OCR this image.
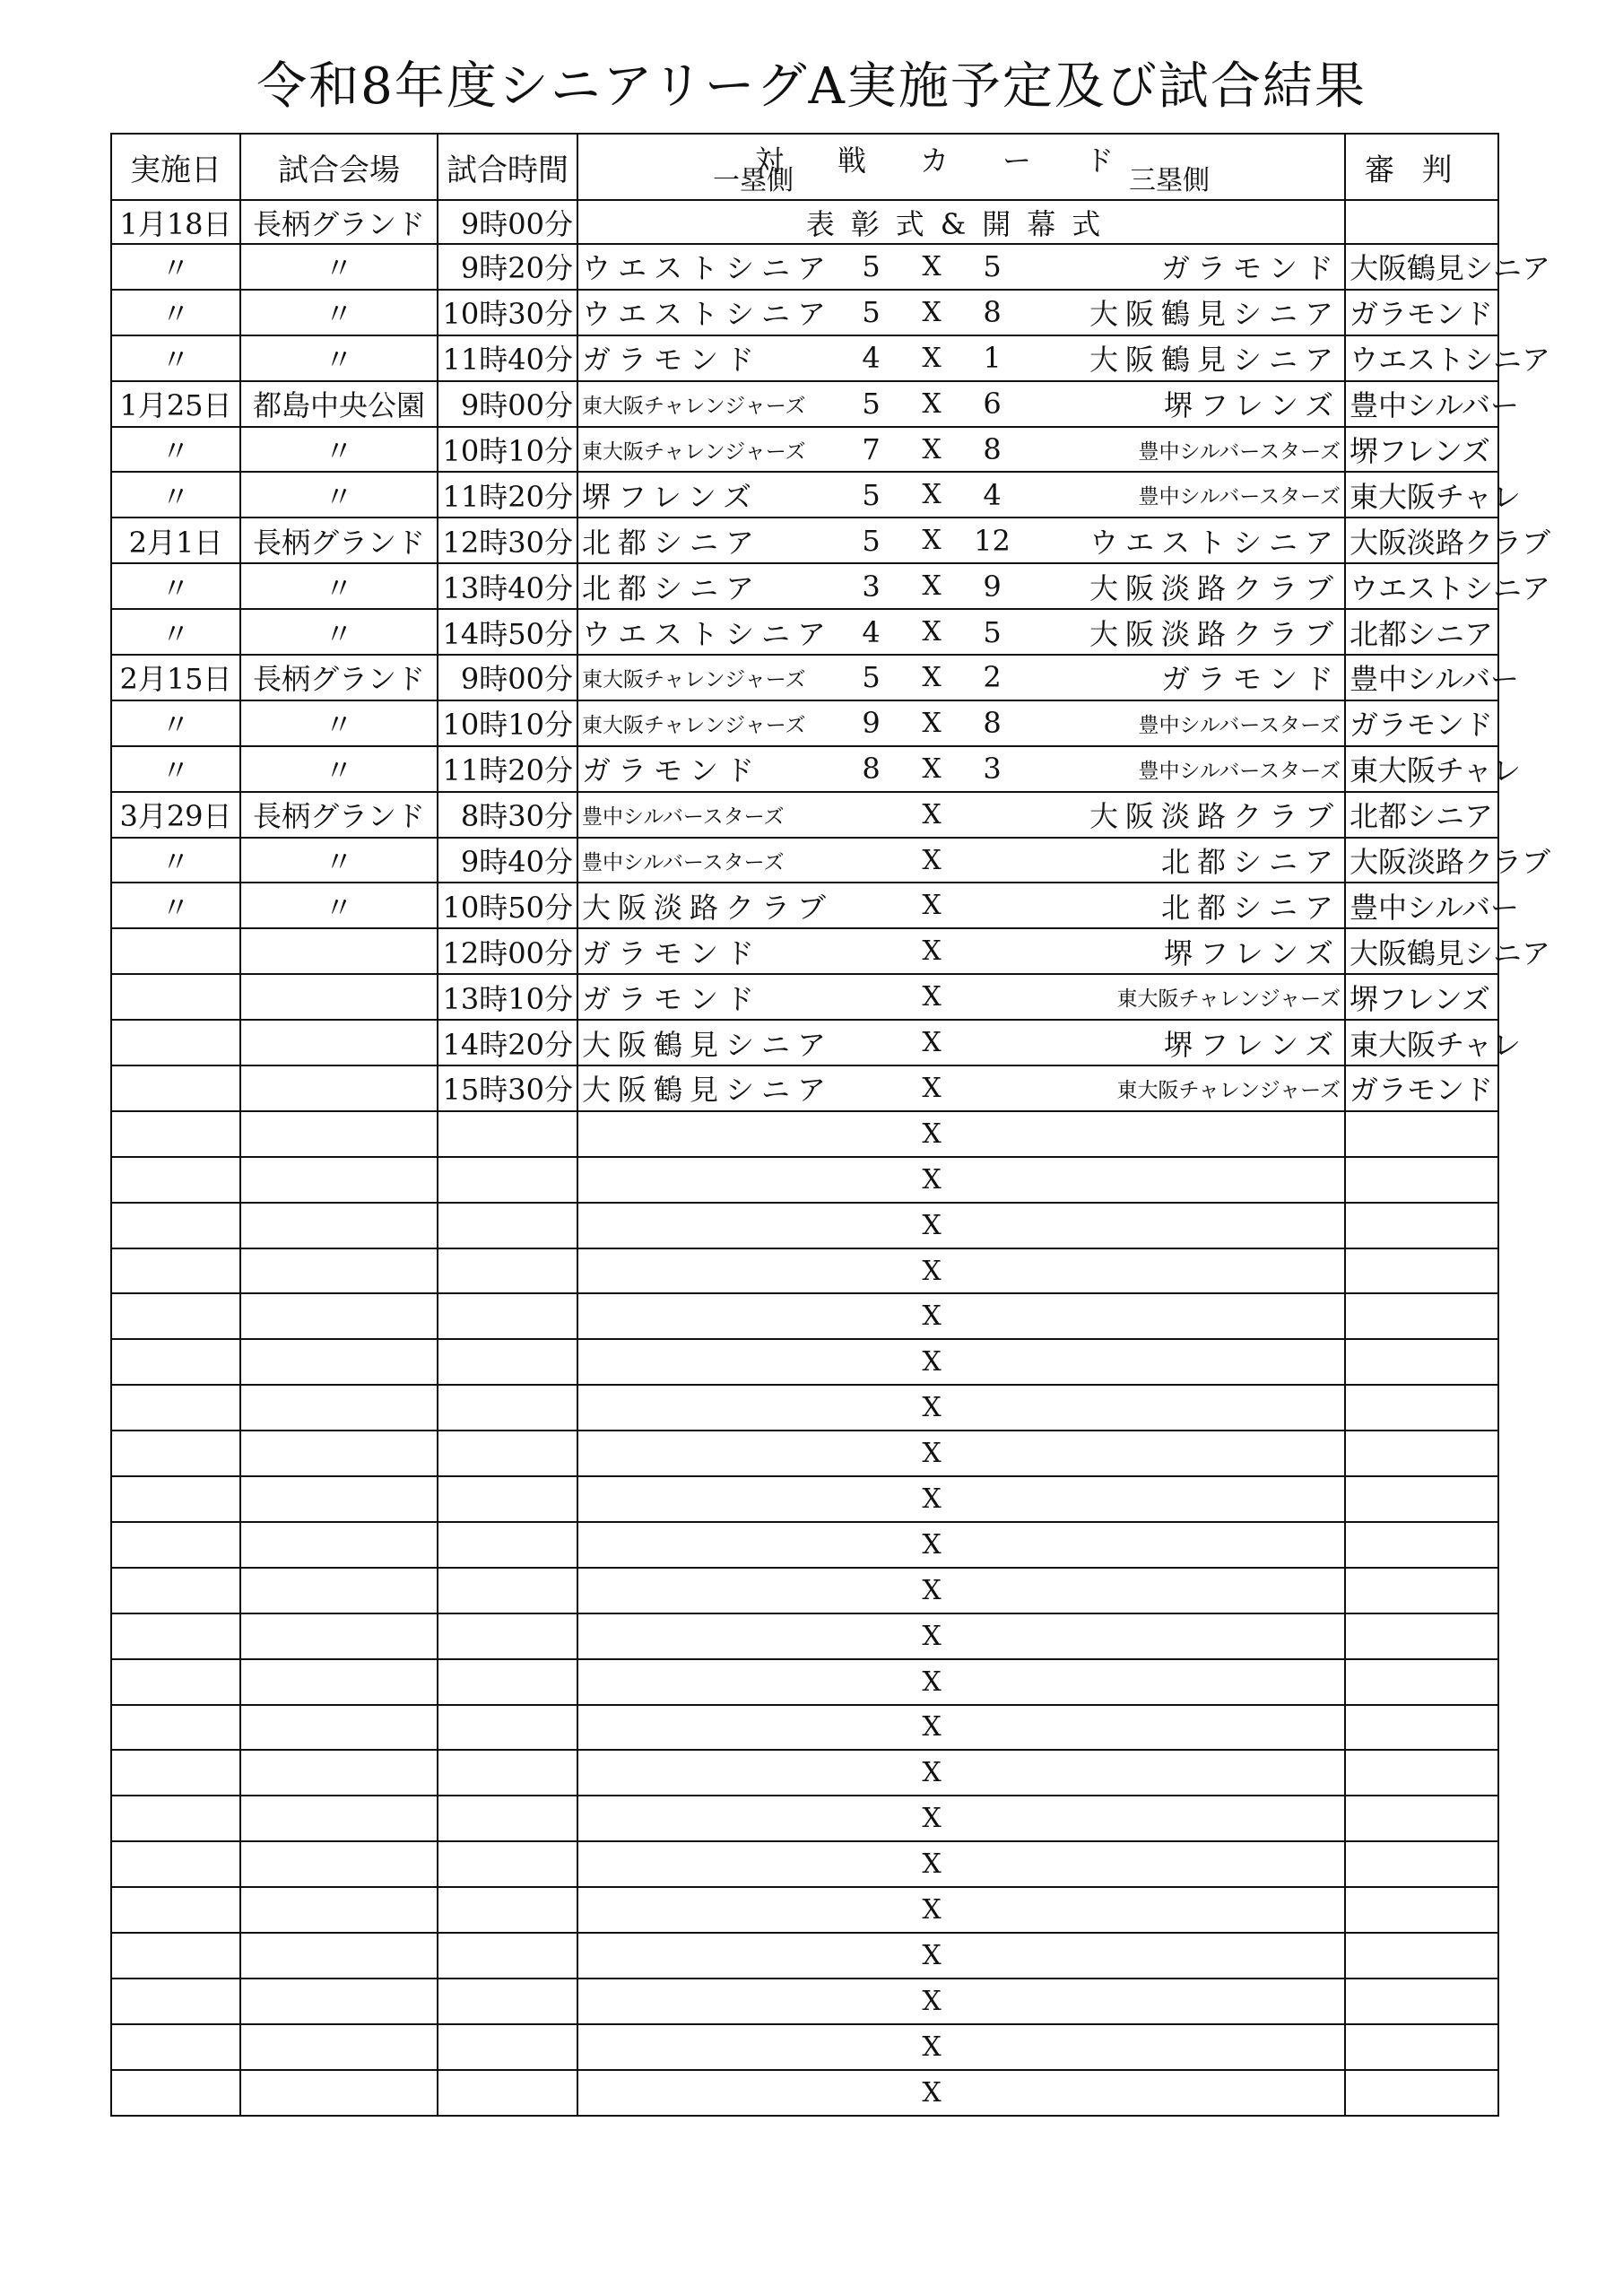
令和8年度シニアリーグA実施予定及び試合結果
実施日	試合会場	試合時間	対戦カード
一塁側 三塁側	審判
1月18日	長柄グランド	9時00分	表彰式&開幕式	
〃	〃	9時20分	ウエストシニア 5 X 5 ガラモンド	大阪鶴見シニア
〃	〃	10時30分	ウエストシニア 5 X 8 大阪鶴見シニア	ガラモンド
〃	〃	11時40分	ガラモンド 4 X 1 大阪鶴見シニア	ウエストシニア
1月25日	都島中央公園	9時00分	東大阪チャレンジャーズ 5 X 6 堺フレンズ	豊中シルバー
〃	〃	10時10分	東大阪チャレンジャーズ 7 X 8 豊中シルバースターズ	堺フレンズ
〃	〃	11時20分	堺フレンズ 5 X 4 豊中シルバースターズ	東大阪チャレ
2月1日	長柄グランド	12時30分	北都シニア 5 X 12 ウエストシニア	大阪淡路クラブ
〃	〃	13時40分	北都シニア 3 X 9 大阪淡路クラブ	ウエストシニア
〃	〃	14時50分	ウエストシニア 4 X 5 大阪淡路クラブ	北都シニア
2月15日	長柄グランド	9時00分	東大阪チャレンジャーズ 5 X 2 ガラモンド	豊中シルバー
〃	〃	10時10分	東大阪チャレンジャーズ 9 X 8 豊中シルバースターズ	ガラモンド
〃	〃	11時20分	ガラモンド 8 X 3 豊中シルバースターズ	東大阪チャレ
3月29日	長柄グランド	8時30分	豊中シルバースターズ X 大阪淡路クラブ	北都シニア
〃	〃	9時40分	豊中シルバースターズ X 北都シニア	大阪淡路クラブ
〃	〃	10時50分	大阪淡路クラブ X 北都シニア	豊中シルバー
		12時00分	ガラモンド X 堺フレンズ	大阪鶴見シニア
		13時10分	ガラモンド X 東大阪チャレンジャーズ	堺フレンズ
		14時20分	大阪鶴見シニア X 堺フレンズ	東大阪チャレ
		15時30分	大阪鶴見シニア X 東大阪チャレンジャーズ	ガラモンド

			X	

			X	

			X	

			X	

			X	

			X	

			X	

			X	

			X	

			X	

			X	

			X	

			X	

			X	

			X	

			X	

			X	

			X	

			X	

			X	

			X	

			X	
